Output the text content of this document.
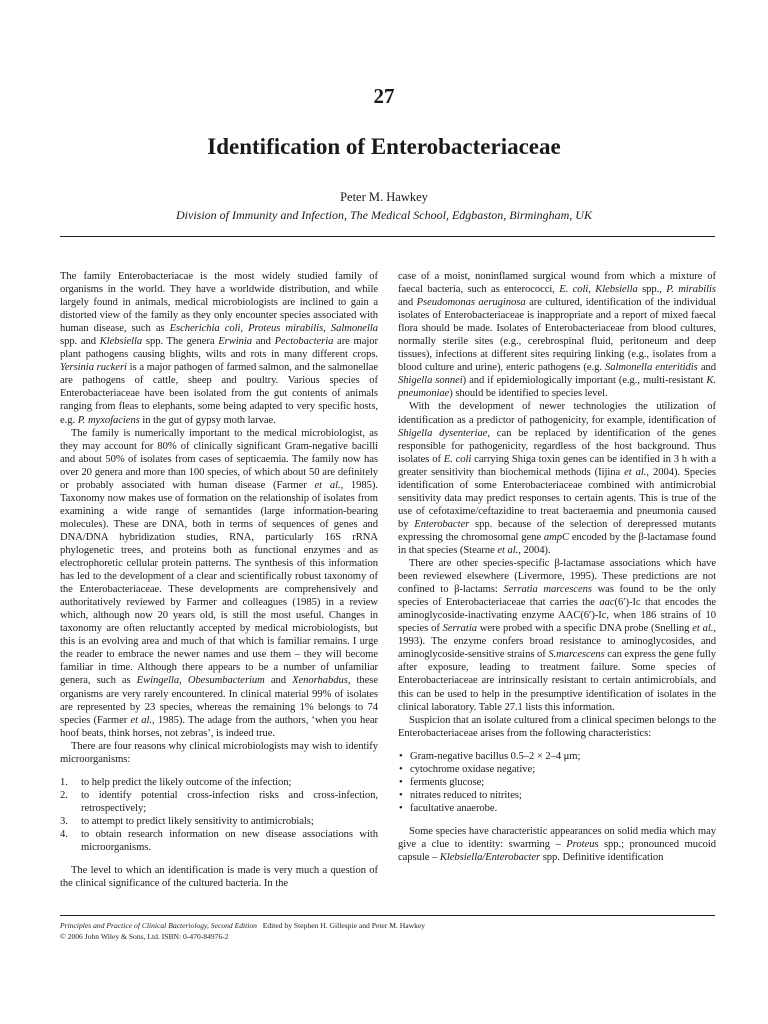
27
Identification of Enterobacteriaceae
Peter M. Hawkey
Division of Immunity and Infection, The Medical School, Edgbaston, Birmingham, UK

The family Enterobacteriacae is the most widely studied family of organisms in the world. They have a worldwide distribution, and while largely found in animals, medical microbiologists are inclined to gain a distorted view of the family as they only encounter species associated with human disease, such as Escherichia coli, Proteus mirabilis, Salmonella spp. and Klebsiella spp. The genera Erwinia and Pectobacteria are major plant pathogens causing blights, wilts and rots in many different crops. Yersinia ruckeri is a major pathogen of farmed salmon, and the salmonellae are pathogens of cattle, sheep and poultry. Various species of Enterobacteriaceae have been isolated from the gut contents of animals ranging from fleas to elephants, some being adapted to very specific hosts, e.g. P. myxofaciens in the gut of gypsy moth larvae.

The family is numerically important to the medical microbiologist, as they may account for 80% of clinically significant Gram-negative bacilli and about 50% of isolates from cases of septicaemia. The family now has over 20 genera and more than 100 species, of which about 50 are definitely or probably associated with human disease (Farmer et al., 1985). Taxonomy now makes use of formation on the relationship of isolates from examining a wide range of semantides (large information-bearing molecules). These are DNA, both in terms of sequences of genes and DNA/DNA hybridization studies, RNA, particularly 16S rRNA phylogenetic trees, and proteins both as functional enzymes and as electrophoretic cellular protein patterns. The synthesis of this information has led to the development of a clear and scientifically robust taxonomy of the Enterobacteriaceae. These developments are comprehensively and authoritatively reviewed by Farmer and colleagues (1985) in a review which, although now 20 years old, is still the most useful. Changes in taxonomy are often reluctantly accepted by medical microbiologists, but this is an evolving area and much of that which is familiar remains. I urge the reader to embrace the newer names and use them – they will become familiar in time. Although there appears to be a number of unfamiliar genera, such as Ewingella, Obesumbacterium and Xenorhabdus, these organisms are very rarely encountered. In clinical material 99% of isolates are represented by 23 species, whereas the remaining 1% belongs to 74 species (Farmer et al., 1985). The adage from the authors, ‘when you hear hoof beats, think horses, not zebras’, is indeed true.

There are four reasons why clinical microbiologists may wish to identify microorganisms:

1. to help predict the likely outcome of the infection;
2. to identify potential cross-infection risks and cross-infection, retrospectively;
3. to attempt to predict likely sensitivity to antimicrobials;
4. to obtain research information on new disease associations with microorganisms.

The level to which an identification is made is very much a question of the clinical significance of the cultured bacteria. In the

case of a moist, noninflamed surgical wound from which a mixture of faecal bacteria, such as enterococci, E. coli, Klebsiella spp., P. mirabilis and Pseudomonas aeruginosa are cultured, identification of the individual isolates of Enterobacteriaceae is inappropriate and a report of mixed faecal flora should be made. Isolates of Enterobacteriaceae from blood cultures, normally sterile sites (e.g., cerebrospinal fluid, peritoneum and deep tissues), infections at different sites requiring linking (e.g., isolates from a blood culture and urine), enteric pathogens (e.g. Salmonella enteritidis and Shigella sonnei) and if epidemiologically important (e.g., multi-resistant K. pneumoniae) should be identified to species level.

With the development of newer technologies the utilization of identification as a predictor of pathogenicity, for example, identification of Shigella dysenteriae, can be replaced by identification of the genes responsible for pathogenicity, regardless of the host background. Thus isolates of E. coli carrying Shiga toxin genes can be identified in 3 h with a greater sensitivity than biochemical methods (Iijina et al., 2004). Species identification of some Enterobacteriaceae combined with antimicrobial sensitivity data may predict responses to certain agents. This is true of the use of cefotaxime/ceftazidine to treat bacteraemia and pneumonia caused by Enterobacter spp. because of the selection of derepressed mutants expressing the chromosomal gene ampC encoded by the β-lactamase found in that species (Stearne et al., 2004).

There are other species-specific β-lactamase associations which have been reviewed elsewhere (Livermore, 1995). These predictions are not confined to β-lactams: Serratia marcescens was found to be the only species of Enterobacteriaceae that carries the aac(6′)-Ic that encodes the aminoglycoside-inactivating enzyme AAC(6′)-Ic, when 186 strains of 10 species of Serratia were probed with a specific DNA probe (Snelling et al., 1993). The enzyme confers broad resistance to aminoglycosides, and aminoglycoside-sensitive strains of S.marcescens can express the gene fully after exposure, leading to treatment failure. Some species of Enterobacteriaceae are intrinsically resistant to certain antimicrobials, and this can be used to help in the presumptive identification of isolates in the clinical laboratory. Table 27.1 lists this information.

Suspicion that an isolate cultured from a clinical specimen belongs to the Enterobacteriaceae arises from the following characteristics:

• Gram-negative bacillus 0.5–2 × 2–4 μm;
• cytochrome oxidase negative;
• ferments glucose;
• nitrates reduced to nitrites;
• facultative anaerobe.

Some species have characteristic appearances on solid media which may give a clue to identity: swarming – Proteus spp.; pronounced mucoid capsule – Klebsiella/Enterobacter spp. Definitive identification

Principles and Practice of Clinical Bacteriology, Second Edition Edited by Stephen H. Gillespie and Peter M. Hawkey
© 2006 John Wiley & Sons, Ltd. ISBN: 0-470-84976-2
